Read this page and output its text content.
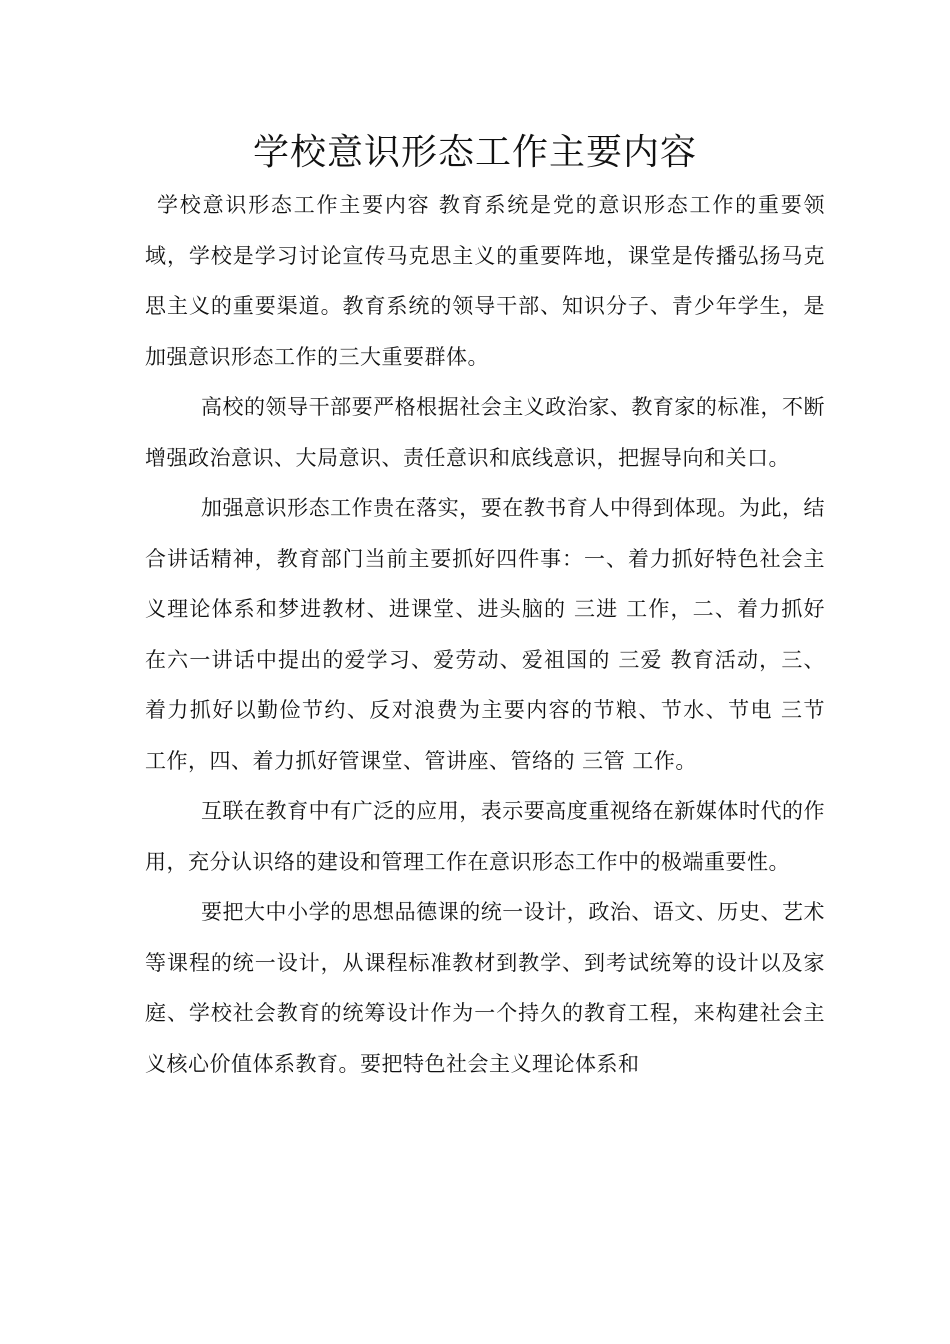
学校意识形态工作主要内容

学校意识形态工作主要内容 教育系统是党的意识形态工作的重要领域，学校是学习讨论宣传马克思主义的重要阵地，课堂是传播弘扬马克思主义的重要渠道。教育系统的领导干部、知识分子、青少年学生，是加强意识形态工作的三大重要群体。

高校的领导干部要严格根据社会主义政治家、教育家的标准，不断增强政治意识、大局意识、责任意识和底线意识，把握导向和关口。

加强意识形态工作贵在落实，要在教书育人中得到体现。为此，结合讲话精神，教育部门当前主要抓好四件事：一、着力抓好特色社会主义理论体系和梦进教材、进课堂、进头脑的 三进 工作，二、着力抓好在六一讲话中提出的爱学习、爱劳动、爱祖国的 三爱 教育活动，三、着力抓好以勤俭节约、反对浪费为主要内容的节粮、节水、节电 三节 工作，四、着力抓好管课堂、管讲座、管络的 三管 工作。

互联在教育中有广泛的应用，表示要高度重视络在新媒体时代的作用，充分认识络的建设和管理工作在意识形态工作中的极端重要性。

要把大中小学的思想品德课的统一设计，政治、语文、历史、艺术等课程的统一设计，从课程标准教材到教学、到考试统筹的设计以及家庭、学校社会教育的统筹设计作为一个持久的教育工程，来构建社会主义核心价值体系教育。要把特色社会主义理论体系和
